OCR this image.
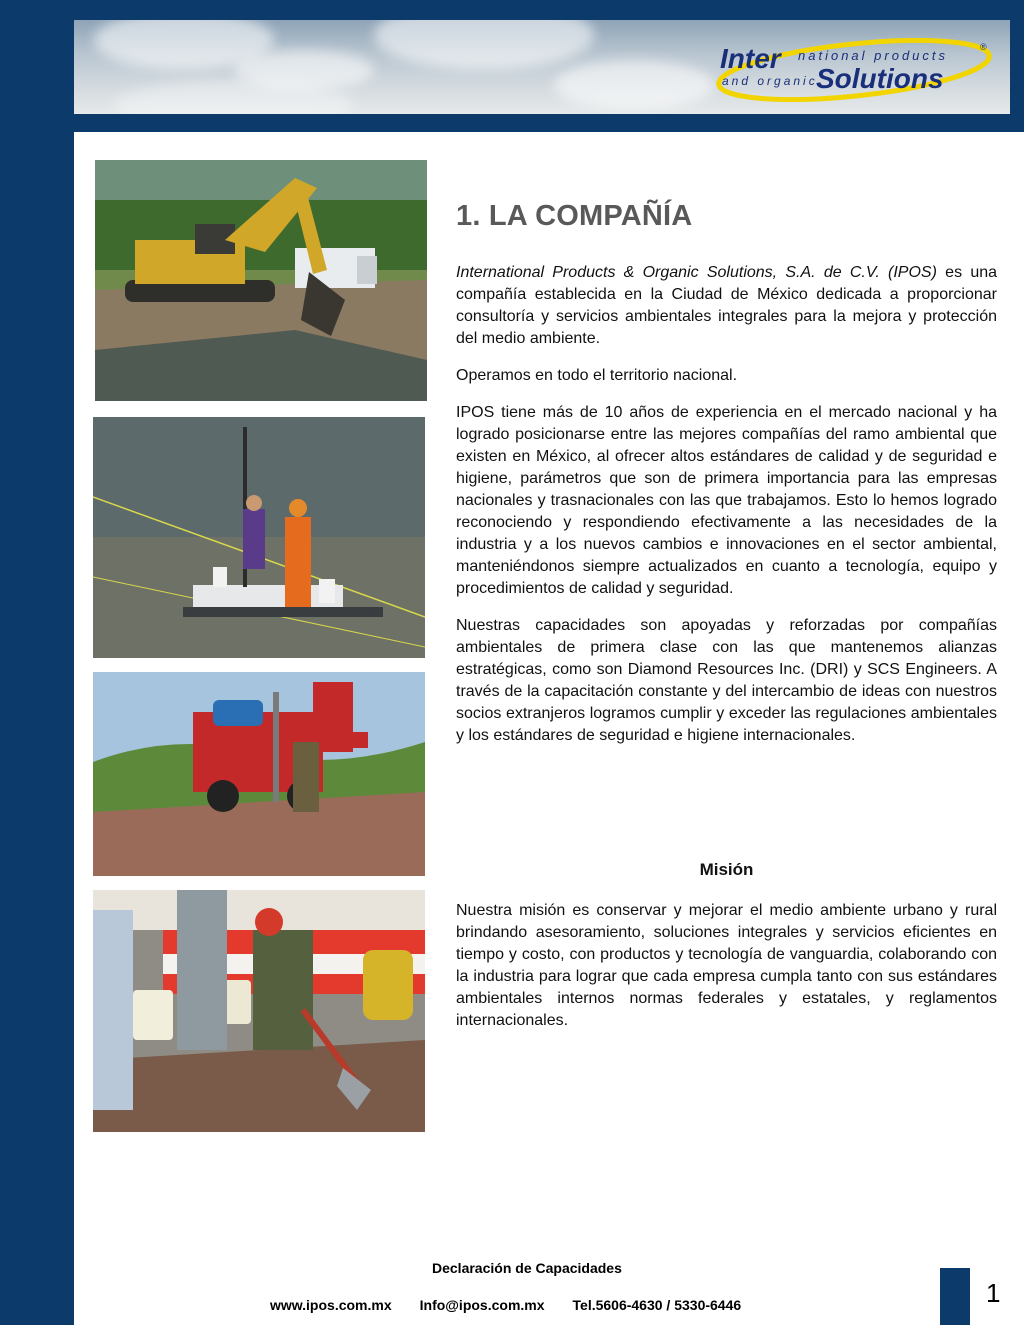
Inter national products
and organic
Solutions
®
1. LA COMPAÑÍA

International Products & Organic Solutions, S.A. de C.V. (IPOS) es una compañía establecida en la Ciudad de México dedicada a proporcionar consultoría y servicios ambientales integrales para la mejora y protección del medio ambiente.

Operamos en todo el territorio nacional.

IPOS tiene más de 10 años de experiencia en el mercado nacional y ha logrado posicionarse entre las mejores compañías del ramo ambiental que existen en México, al ofrecer altos estándares de calidad y de seguridad e higiene, parámetros que son de primera importancia para las empresas nacionales y trasnacionales con las que trabajamos. Esto lo hemos logrado reconociendo y respondiendo efectivamente a las necesidades de la industria y a los nuevos cambios e innovaciones en el sector ambiental, manteniéndonos siempre actualizados en cuanto a tecnología, equipo y procedimientos de calidad y seguridad.

Nuestras capacidades son apoyadas y reforzadas por compañías ambientales de primera clase con las que mantenemos alianzas estratégicas, como son Diamond Resources Inc. (DRI) y SCS Engineers. A través de la capacitación constante y del intercambio de ideas con nuestros socios extranjeros logramos cumplir y exceder las regulaciones ambientales y los estándares de seguridad e higiene internacionales.

Misión

Nuestra misión es conservar y mejorar el medio ambiente urbano y rural brindando asesoramiento, soluciones integrales y servicios eficientes en tiempo y costo, con productos y tecnología de vanguardia, colaborando con la industria para lograr que cada empresa cumpla tanto con sus estándares ambientales internos normas federales y estatales, y reglamentos internacionales.

Declaración de Capacidades
www.ipos.com.mx Info@ipos.com.mx Tel.5606-4630 / 5330-6446	1
